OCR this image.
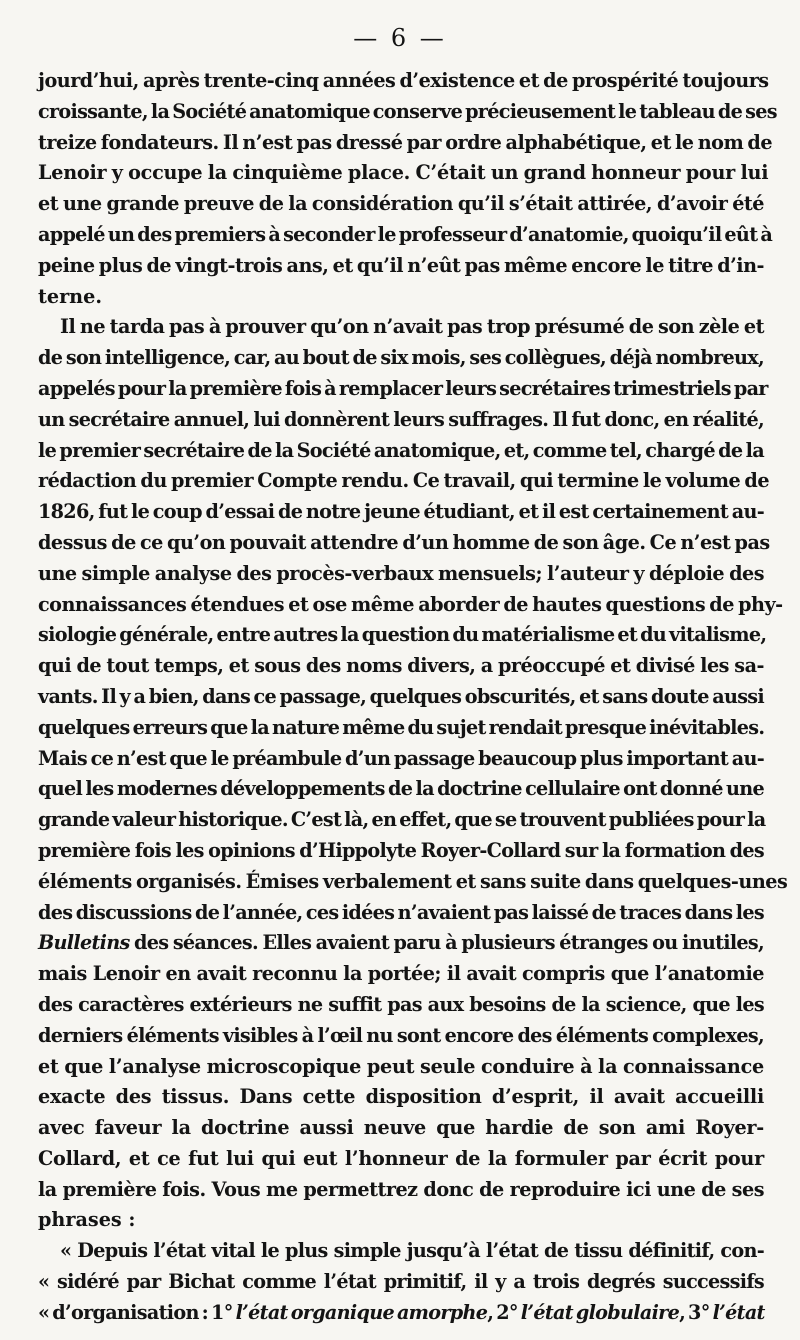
— 6 —
jourd’hui, après trente-cinq années d’existence et de prospérité toujours
croissante, la Société anatomique conserve précieusement le tableau de ses
treize fondateurs. Il n’est pas dressé par ordre alphabétique, et le nom de
Lenoir y occupe la cinquième place. C’était un grand honneur pour lui
et une grande preuve de la considération qu’il s’était attirée, d’avoir été
appelé un des premiers à seconder le professeur d’anatomie, quoiqu’il eût à
peine plus de vingt-trois ans, et qu’il n’eût pas même encore le titre d’in-
terne.
Il ne tarda pas à prouver qu’on n’avait pas trop présumé de son zèle et
de son intelligence, car, au bout de six mois, ses collègues, déjà nombreux,
appelés pour la première fois à remplacer leurs secrétaires trimestriels par
un secrétaire annuel, lui donnèrent leurs suffrages. Il fut donc, en réalité,
le premier secrétaire de la Société anatomique, et, comme tel, chargé de la
rédaction du premier Compte rendu. Ce travail, qui termine le volume de
1826, fut le coup d’essai de notre jeune étudiant, et il est certainement au-
dessus de ce qu’on pouvait attendre d’un homme de son âge. Ce n’est pas
une simple analyse des procès-verbaux mensuels; l’auteur y déploie des
connaissances étendues et ose même aborder de hautes questions de phy-
siologie générale, entre autres la question du matérialisme et du vitalisme,
qui de tout temps, et sous des noms divers, a préoccupé et divisé les sa-
vants. Il y a bien, dans ce passage, quelques obscurités, et sans doute aussi
quelques erreurs que la nature même du sujet rendait presque inévitables.
Mais ce n’est que le préambule d’un passage beaucoup plus important au-
quel les modernes développements de la doctrine cellulaire ont donné une
grande valeur historique. C’est là, en effet, que se trouvent publiées pour la
première fois les opinions d’Hippolyte Royer-Collard sur la formation des
éléments organisés. Émises verbalement et sans suite dans quelques-unes
des discussions de l’année, ces idées n’avaient pas laissé de traces dans les
Bulletins des séances. Elles avaient paru à plusieurs étranges ou inutiles,
mais Lenoir en avait reconnu la portée; il avait compris que l’anatomie
des caractères extérieurs ne suffit pas aux besoins de la science, que les
derniers éléments visibles à l’œil nu sont encore des éléments complexes,
et que l’analyse microscopique peut seule conduire à la connaissance
exacte des tissus. Dans cette disposition d’esprit, il avait accueilli
avec faveur la doctrine aussi neuve que hardie de son ami Royer-
Collard, et ce fut lui qui eut l’honneur de la formuler par écrit pour
la première fois. Vous me permettrez donc de reproduire ici une de ses
phrases :
« Depuis l’état vital le plus simple jusqu’à l’état de tissu définitif, con-
« sidéré par Bichat comme l’état primitif, il y a trois degrés successifs
« d’organisation : 1° l’état organique amorphe, 2° l’état globulaire, 3° l’état
